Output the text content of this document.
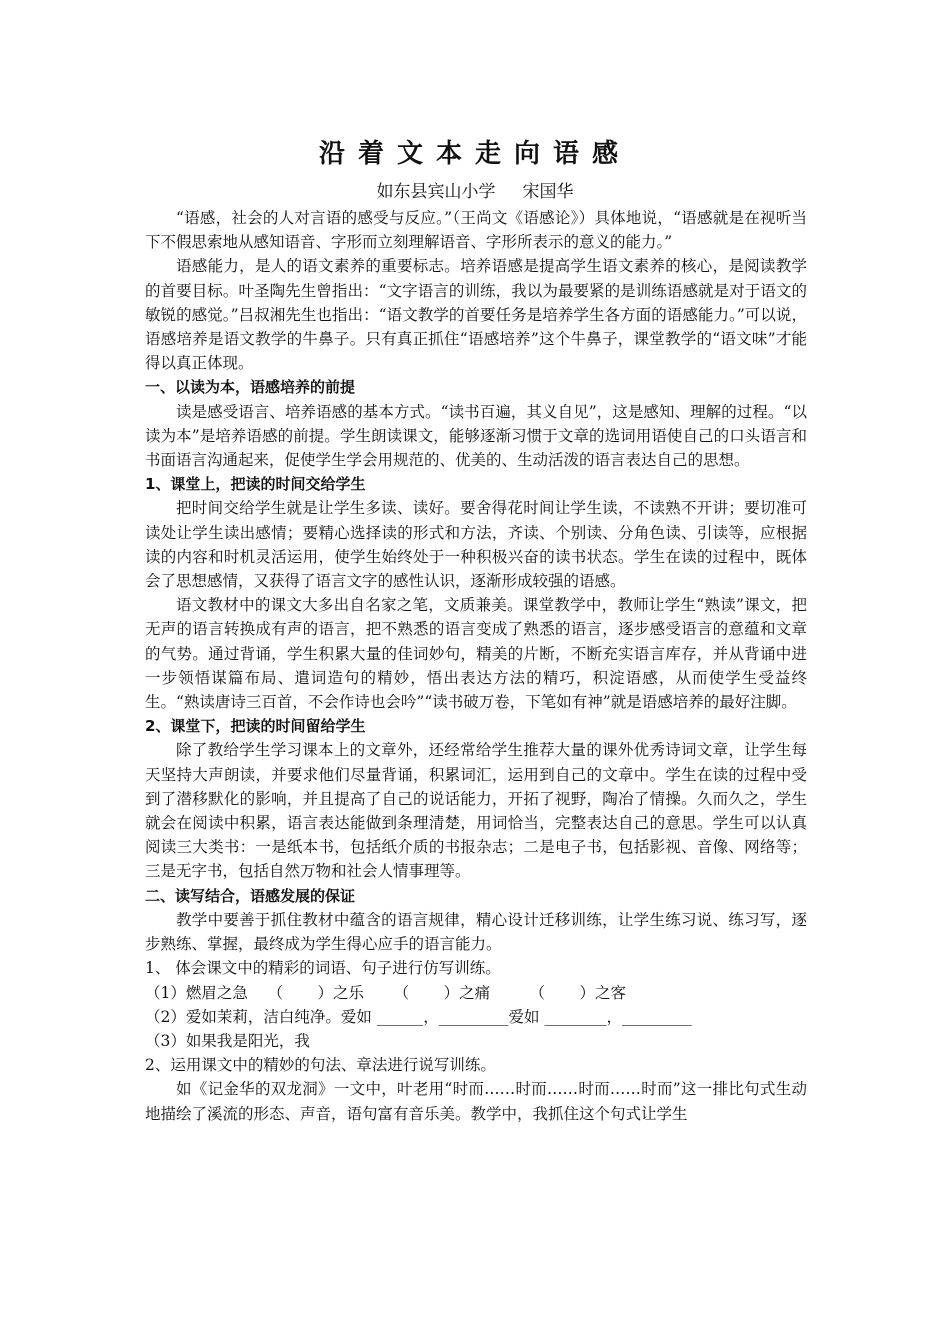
沿着文本走向语感
如东县宾山小学     宋国华

“语感，社会的人对言语的感受与反应。”（王尚文《语感论》）具体地说，“语感就是在视听当下不假思索地从感知语音、字形而立刻理解语音、字形所表示的意义的能力。”

语感能力，是人的语文素养的重要标志。培养语感是提高学生语文素养的核心，是阅读教学的首要目标。叶圣陶先生曾指出：“文字语言的训练，我以为最要紧的是训练语感就是对于语文的敏锐的感觉。”吕叔湘先生也指出：“语文教学的首要任务是培养学生各方面的语感能力。”可以说，语感培养是语文教学的牛鼻子。只有真正抓住“语感培养”这个牛鼻子，课堂教学的“语文味”才能得以真正体现。

一、以读为本，语感培养的前提

读是感受语言、培养语感的基本方式。“读书百遍，其义自见”，这是感知、理解的过程。“以读为本”是培养语感的前提。学生朗读课文，能够逐渐习惯于文章的选词用语使自己的口头语言和书面语言沟通起来，促使学生学会用规范的、优美的、生动活泼的语言表达自己的思想。

1、课堂上，把读的时间交给学生

把时间交给学生就是让学生多读、读好。要舍得花时间让学生读，不读熟不开讲；要切准可读处让学生读出感情；要精心选择读的形式和方法，齐读、个别读、分角色读、引读等，应根据读的内容和时机灵活运用，使学生始终处于一种积极兴奋的读书状态。学生在读的过程中，既体会了思想感情，又获得了语言文字的感性认识，逐渐形成较强的语感。

语文教材中的课文大多出自名家之笔，文质兼美。课堂教学中，教师让学生“熟读”课文，把无声的语言转换成有声的语言，把不熟悉的语言变成了熟悉的语言，逐步感受语言的意蕴和文章的气势。通过背诵，学生积累大量的佳词妙句，精美的片断，不断充实语言库存，并从背诵中进一步领悟谋篇布局、遣词造句的精妙，悟出表达方法的精巧，积淀语感，从而使学生受益终生。“熟读唐诗三百首，不会作诗也会吟”“读书破万卷，下笔如有神”就是语感培养的最好注脚。

2、课堂下，把读的时间留给学生

除了教给学生学习课本上的文章外，还经常给学生推荐大量的课外优秀诗词文章，让学生每天坚持大声朗读，并要求他们尽量背诵，积累词汇，运用到自己的文章中。学生在读的过程中受到了潜移默化的影响，并且提高了自己的说话能力，开拓了视野，陶冶了情操。久而久之，学生就会在阅读中积累，语言表达能做到条理清楚，用词恰当，完整表达自己的意思。学生可以认真阅读三大类书：一是纸本书，包括纸介质的书报杂志；二是电子书，包括影视、音像、网络等；三是无字书，包括自然万物和社会人情事理等。

二、读写结合，语感发展的保证

教学中要善于抓住教材中蕴含的语言规律，精心设计迁移训练，让学生练习说、练习写，逐步熟练、掌握，最终成为学生得心应手的语言能力。

1、 体会课文中的精彩的词语、句子进行仿写训练。

（1）燃眉之急    （       ）之乐      （       ）之痛        （       ）之客

（2）爱如茉莉，洁白纯净。爱如 ______，_________爱如 ________，_________

（3）如果我是阳光，我

2、运用课文中的精妙的句法、章法进行说写训练。

如《记金华的双龙洞》一文中，叶老用“时而……时而……时而……时而”这一排比句式生动地描绘了溪流的形态、声音，语句富有音乐美。教学中，我抓住这个句式让学生
